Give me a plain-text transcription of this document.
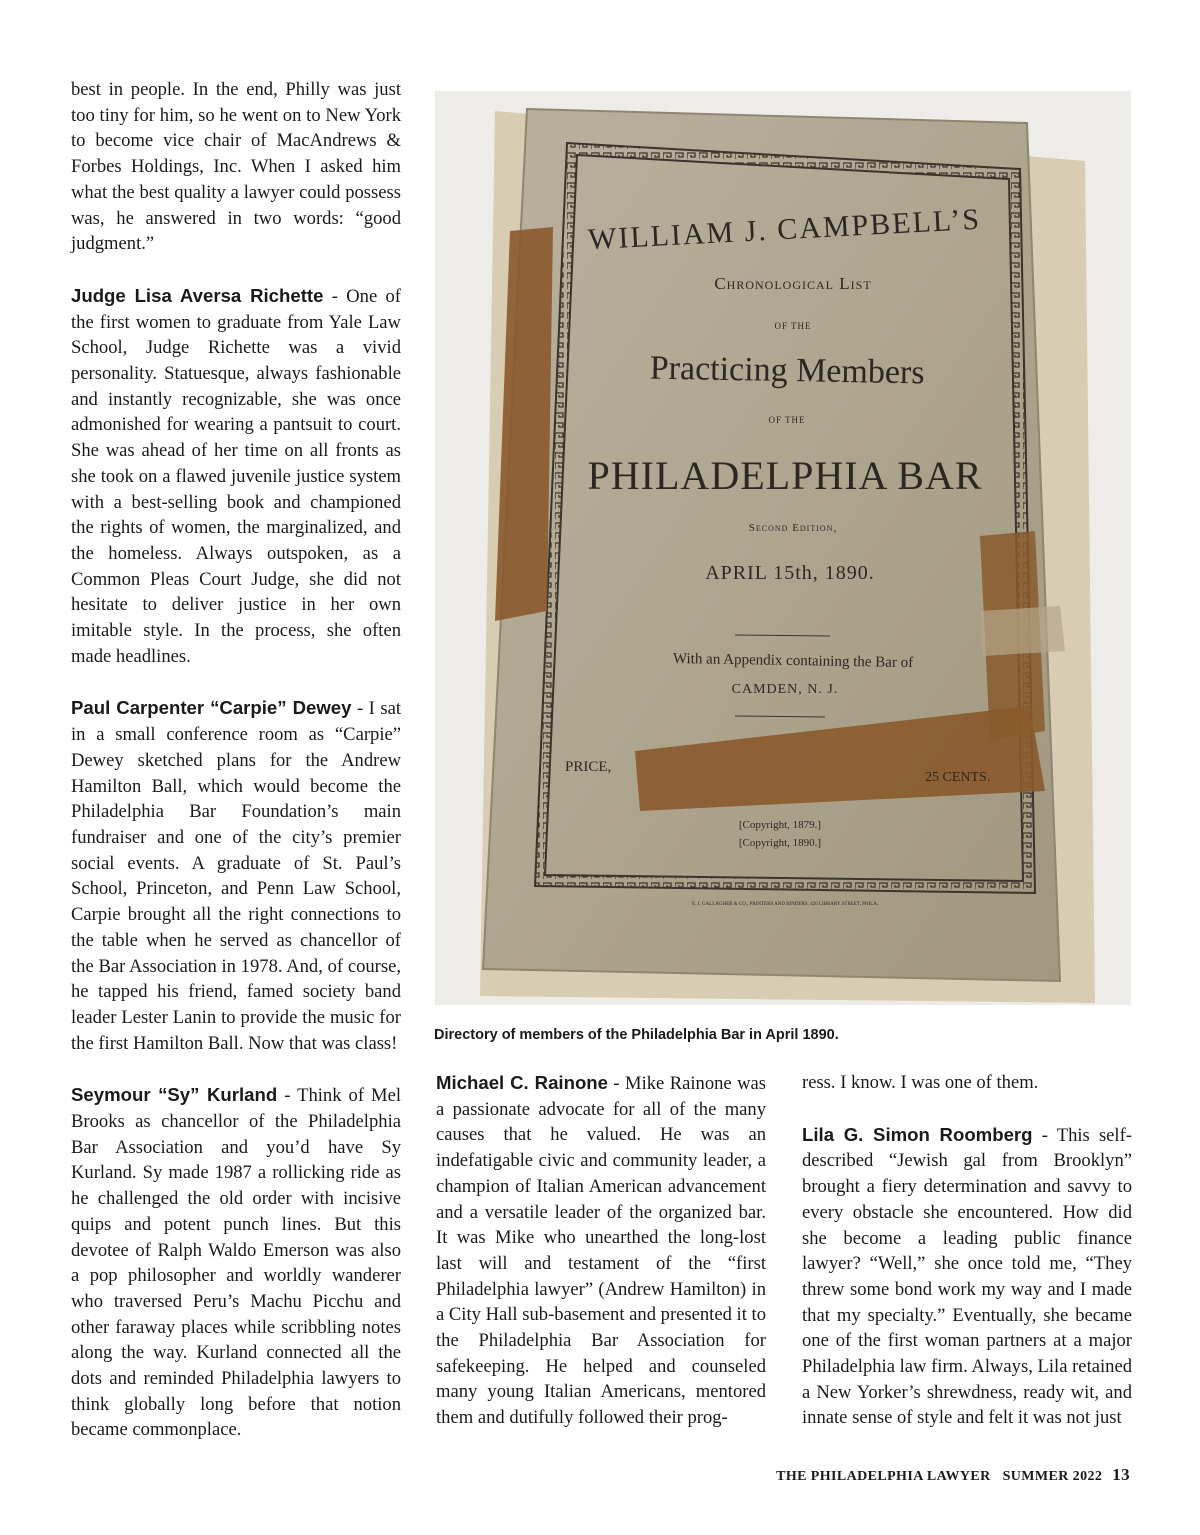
best in people. In the end, Philly was just too tiny for him, so he went on to New York to become vice chair of MacAndrews & Forbes Holdings, Inc. When I asked him what the best quality a lawyer could possess was, he answered in two words: “good judgment.”

Judge Lisa Aversa Richette - One of the first women to graduate from Yale Law School, Judge Richette was a vivid personality. Statuesque, always fashionable and instantly recognizable, she was once admonished for wearing a pantsuit to court. She was ahead of her time on all fronts as she took on a flawed juvenile justice system with a best-selling book and championed the rights of women, the marginalized, and the homeless. Always outspoken, as a Common Pleas Court Judge, she did not hesitate to deliver justice in her own imitable style. In the process, she often made headlines.

Paul Carpenter “Carpie” Dewey - I sat in a small conference room as “Carpie” Dewey sketched plans for the Andrew Hamilton Ball, which would become the Philadelphia Bar Foundation’s main fundraiser and one of the city’s premier social events. A graduate of St. Paul’s School, Princeton, and Penn Law School, Carpie brought all the right connections to the table when he served as chancellor of the Bar Association in 1978. And, of course, he tapped his friend, famed society band leader Lester Lanin to provide the music for the first Hamilton Ball. Now that was class!

Seymour “Sy” Kurland - Think of Mel Brooks as chancellor of the Philadelphia Bar Association and you’d have Sy Kurland. Sy made 1987 a rollicking ride as he challenged the old order with incisive quips and potent punch lines. But this devotee of Ralph Waldo Emerson was also a pop philosopher and worldly wanderer who traversed Peru’s Machu Picchu and other faraway places while scribbling notes along the way. Kurland connected all the dots and reminded Philadelphia lawyers to think globally long before that notion became commonplace.

WILLIAM J. CAMPBELL’S
Chronological List
OF THE
Practicing Members
OF THE
PHILADELPHIA BAR
Second Edition,
APRIL 15th, 1890.
With an Appendix containing the Bar of
CAMDEN, N. J.
PRICE,
25 CENTS.
[Copyright, 1879.]
[Copyright, 1890.]
E. J. GALLAGHER & CO., PRINTERS AND BINDERS, 420 LIBRARY STREET, PHILA.
Directory of members of the Philadelphia Bar in April 1890.

Michael C. Rainone - Mike Rainone was a passionate advocate for all of the many causes that he valued. He was an indefatigable civic and community leader, a champion of Italian American advancement and a versatile leader of the organized bar. It was Mike who unearthed the long-lost last will and testament of the “first Philadelphia lawyer” (Andrew Hamilton) in a City Hall sub-basement and presented it to the Philadelphia Bar Association for safekeeping. He helped and counseled many young Italian Americans, mentored them and dutifully followed their prog-

ress. I know. I was one of them.

Lila G. Simon Roomberg - This self-described “Jewish gal from Brooklyn” brought a fiery determination and savvy to every obstacle she encountered. How did she become a leading public finance lawyer? “Well,” she once told me, “They threw some bond work my way and I made that my specialty.” Eventually, she became one of the first woman partners at a major Philadelphia law firm. Always, Lila retained a New Yorker’s shrewdness, ready wit, and innate sense of style and felt it was not just

THE PHILADELPHIA LAWYER SUMMER 2022 13
